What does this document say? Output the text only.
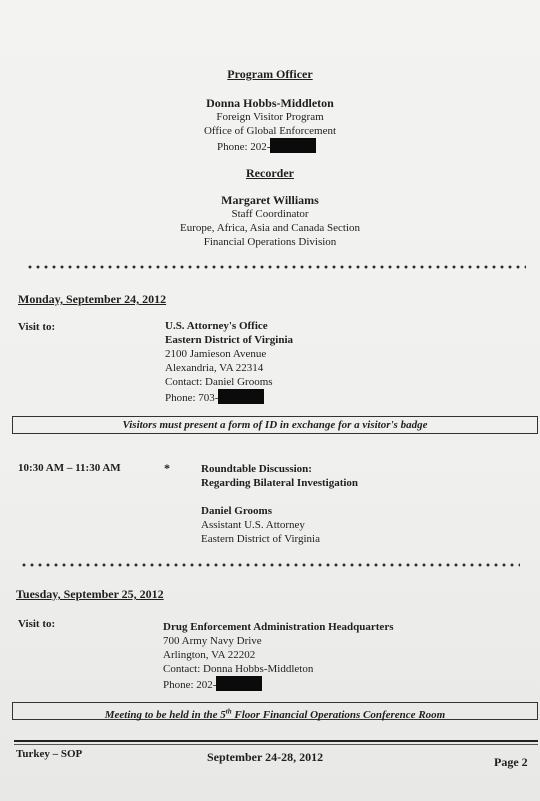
Program Officer
Donna Hobbs-Middleton
Foreign Visitor Program
Office of Global Enforcement
Phone: 202-
Recorder
Margaret Williams
Staff Coordinator
Europe, Africa, Asia and Canada Section
Financial Operations Division
Monday, September 24, 2012
Visit to:	U.S. Attorney's Office
Eastern District of Virginia
2100 Jamieson Avenue
Alexandria, VA 22314
Contact: Daniel Grooms
Phone: 703-
Visitors must present a form of ID in exchange for a visitor's badge
10:30 AM – 11:30 AM	*	Roundtable Discussion:
Regarding Bilateral Investigation
Daniel Grooms
Assistant U.S. Attorney
Eastern District of Virginia
Tuesday, September 25, 2012
Visit to:	Drug Enforcement Administration Headquarters
700 Army Navy Drive
Arlington, VA 22202
Contact: Donna Hobbs-Middleton
Phone: 202-
Meeting to be held in the 5th Floor Financial Operations Conference Room
Turkey – SOP	September 24-28, 2012	Page 2
